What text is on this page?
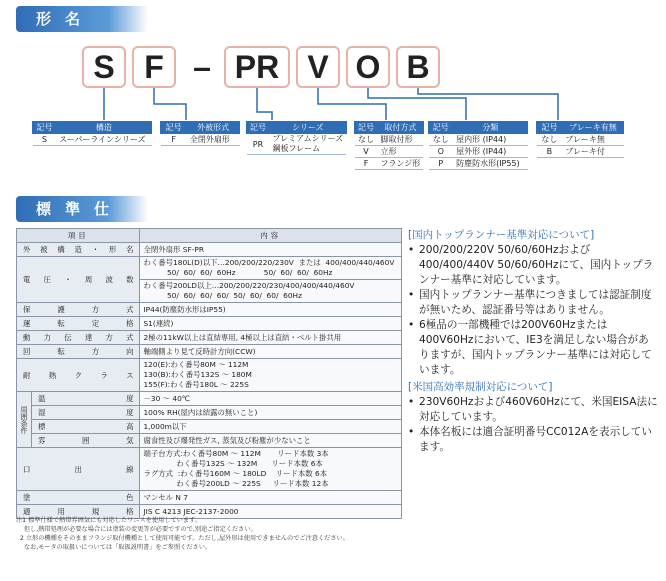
形名
S F – PR V O B
記号	構造
S	スーパーラインシリーズ
記号	外被形式
F	全閉外扇形
記号	シリーズ
PR	プレミアムシリーズ
鋼板フレーム
記号	取付方式
なし	脚取付形
V	立形
F	フランジ形
記号	分類
なし	屋内形 (IP44)
O	屋外形 (IP44)
P	防塵防水形(IP55)
記号	ブレーキ有無
なし	ブレーキ無
B	ブレーキ付
標準仕
項目		内容
外被構造・形名		全閉外扇形 SF-PR
電圧・周波数		わく番号180L(D)以下…200/200/220/230V  または  400/400/440/460V
50/  60/  60/  60Hz            50/  60/  60/  60Hz
		わく番号200LD以上…200/200/220/230/400/400/440/460V
50/  60/  60/  60/  50/  60/  60/  60Hz
保護方式		IP44(防塵防水形はIP55)
運転定格		S1(連続)
動力伝達方式		2極の11kW以上は直結専用, 4極以上は直結・ベルト掛共用
回転方向		軸端側より見て反時計方向(CCW)
耐熱クラス		120(E):わく番号80M ～ 112M
130(B):わく番号132S ～ 180M
155(F):わく番号180L ～ 225S
周囲条件	温度	－30 ～ 40℃
	湿度	100% RH(屋内は結露の無いこと)
	標高	1,000m以下
	雰囲気	腐食性及び爆発性ガス, 蒸気及び粉塵が少ないこと
口出線		端子台方式:わく番号80M ～ 112M       リード本数 3本
わく番号132S ～ 132M      リード本数 6本
ラグ方式  :わく番号160M ～ 180LD    リード本数 6本
わく番号200LD ～ 225S     リード本数 12本
塗色		マンセル N 7
適用規格		JIS C 4213 JEC-2137-2000
[国内トップランナー基準対応について]
• 200/200/220V 50/60/60Hzおよび400/400/440V 50/60/60Hzにて、国内トップランナー基準に対応しています。
• 国内トップランナー基準につきましては認証制度が無いため、認証番号等はありません。
• 6極品の一部機種では200V60Hzまたは400V60Hzにおいて、IE3を満足しない場合がありますが、国内トップランナー基準には対応しています。
[米国高効率規制対応について]
• 230V60Hzおよび460V60Hzにて、米国EISA法に対応しています。
• 本体名板には適合証明番号CC012Aを表示しています。
注1 標準仕様で熱帯雰囲気にも対応したワニスを使用しています。
但し,熱帯処理が必要な場合には塗装の変更等が必要ですので,別途ご指定ください。
2 立形の機種をそのままフランジ取付機種として使用可能です。ただし,屋外形は使用できませんのでご注意ください。
なお,モータの取扱いについては「取扱説明書」をご参照ください。
